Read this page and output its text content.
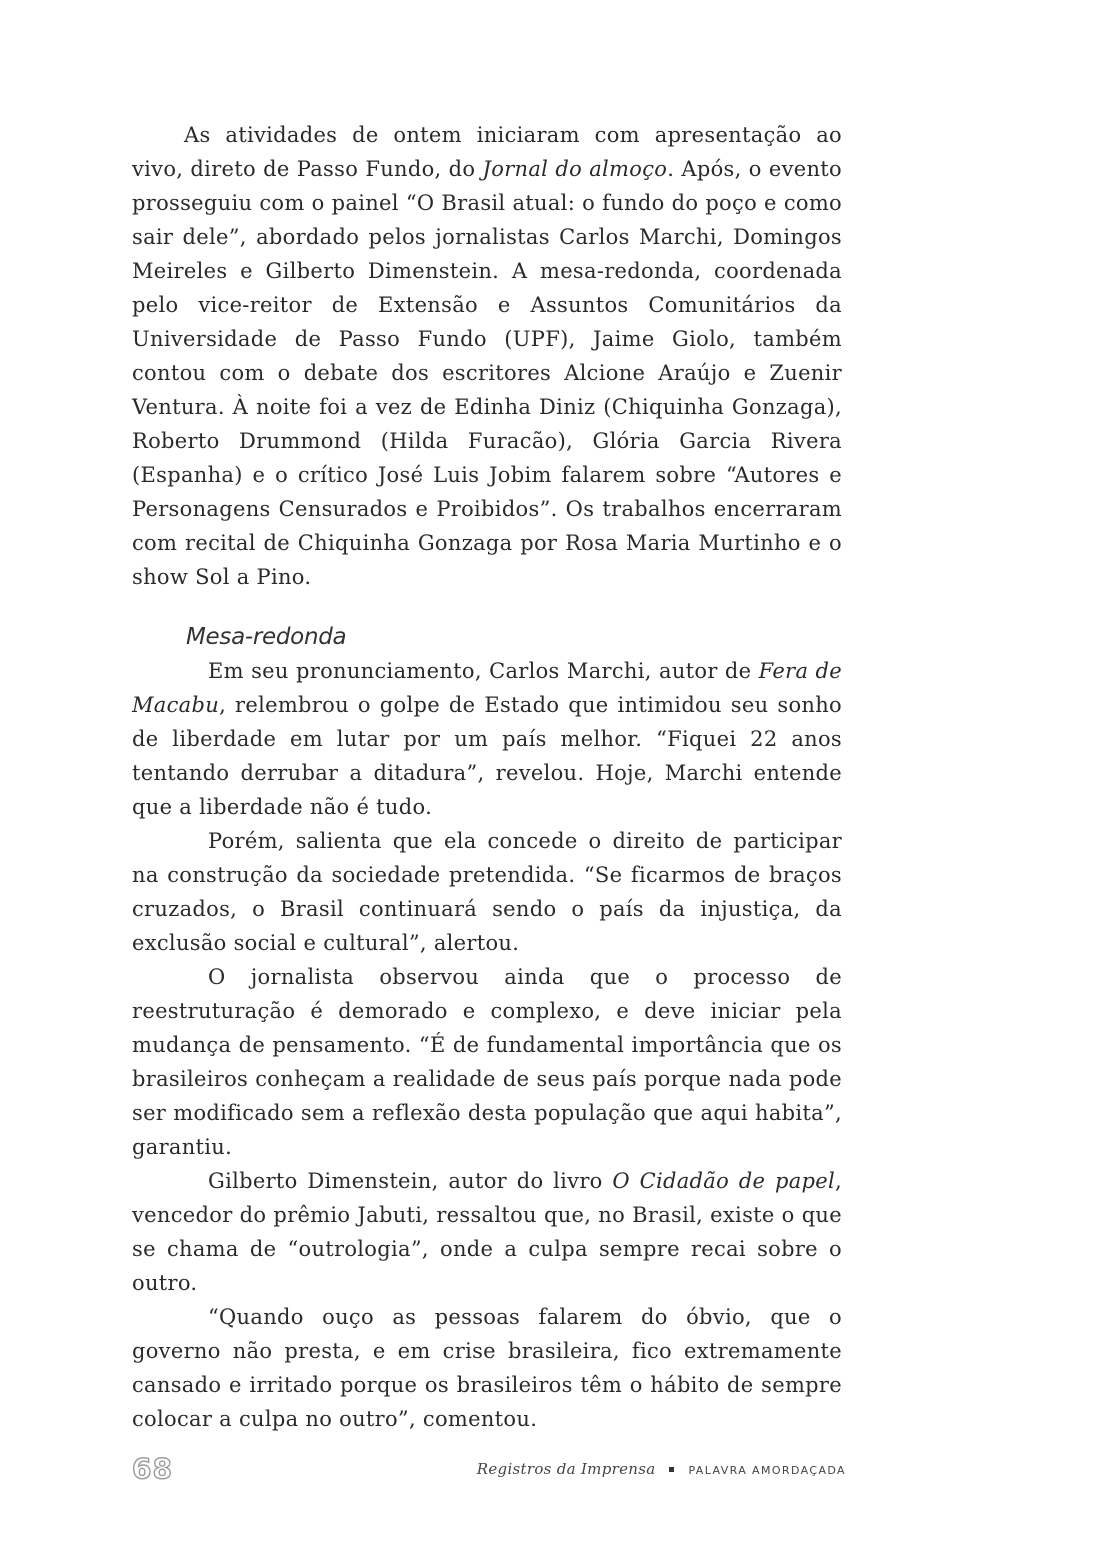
As atividades de ontem iniciaram com apresentação ao vivo, direto de Passo Fundo, do Jornal do almoço. Após, o evento prosseguiu com o painel “O Brasil atual: o fundo do poço e como sair dele”, abordado pelos jornalistas Carlos Marchi, Domingos Meireles e Gilberto Dimenstein. A mesa-redonda, coordenada pelo vice-reitor de Extensão e Assuntos Comunitários da Universidade de Passo Fundo (UPF), Jaime Giolo, também contou com o debate dos escritores Alcione Araújo e Zuenir Ventura. À noite foi a vez de Edinha Diniz (Chiquinha Gonzaga), Roberto Drummond (Hilda Furacão), Glória Garcia Rivera (Espanha) e o crítico José Luis Jobim falarem sobre “Autores e Personagens Censurados e Proibidos”. Os trabalhos encerraram com recital de Chiquinha Gonzaga por Rosa Maria Murtinho e o show Sol a Pino.

Mesa-redonda

Em seu pronunciamento, Carlos Marchi, autor de Fera de Macabu, relembrou o golpe de Estado que intimidou seu sonho de liberdade em lutar por um país melhor. “Fiquei 22 anos tentando derrubar a ditadura”, revelou. Hoje, Marchi entende que a liberdade não é tudo.

Porém, salienta que ela concede o direito de participar na construção da sociedade pretendida. “Se ficarmos de braços cruzados, o Brasil continuará sendo o país da injustiça, da exclusão social e cultural”, alertou.

O jornalista observou ainda que o processo de reestruturação é demorado e complexo, e deve iniciar pela mudança de pensamento. “É de fundamental importância que os brasileiros conheçam a realidade de seus país porque nada pode ser modificado sem a reflexão desta população que aqui habita”, garantiu.

Gilberto Dimenstein, autor do livro O Cidadão de papel, vencedor do prêmio Jabuti, ressaltou que, no Brasil, existe o que se chama de “outrologia”, onde a culpa sempre recai sobre o outro.

“Quando ouço as pessoas falarem do óbvio, que o governo não presta, e em crise brasileira, fico extremamente cansado e irritado porque os brasileiros têm o hábito de sempre colocar a culpa no outro”, comentou.

68	Registros da Imprensa	PALAVRA AMORDAÇADA
